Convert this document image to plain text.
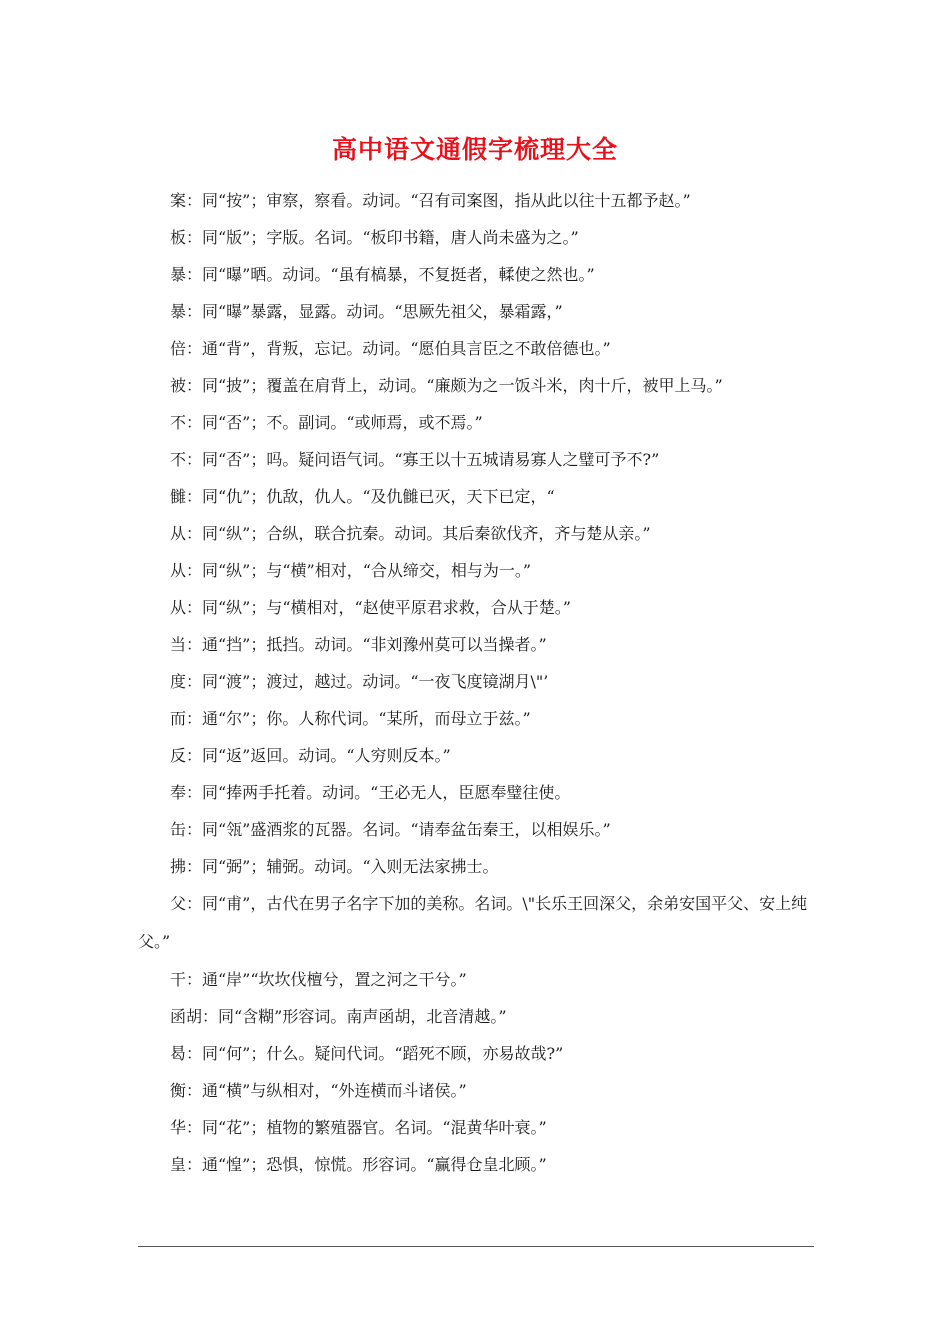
高中语文通假字梳理大全
案：同“按”；审察，察看。动词。“召有司案图，指从此以往十五都予赵。”
板：同“版”；字版。名词。“板印书籍，唐人尚未盛为之。”
暴：同“曝”晒。动词。“虽有槁暴，不复挺者，輮使之然也。”
暴：同“曝”暴露，显露。动词。“思厥先祖父，暴霜露，”
倍：通“背”，背叛，忘记。动词。“愿伯具言臣之不敢倍德也。”
被：同“披”；覆盖在肩背上，动词。“廉颇为之一饭斗米，肉十斤，被甲上马。”
不：同“否”；不。副词。“或师焉，或不焉。”
不：同“否”；吗。疑问语气词。“寡王以十五城请易寡人之璧可予不?”
雠：同“仇”；仇敌，仇人。“及仇雠已灭，天下已定，“
从：同“纵”；合纵，联合抗秦。动词。其后秦欲伐齐，齐与楚从亲。”
从：同“纵”；与“横”相对，“合从缔交，相与为一。”
从：同“纵”；与“横相对，“赵使平原君求救，合从于楚。”
当：通“挡”；抵挡。动词。“非刘豫州莫可以当操者。”
度：同“渡”；渡过，越过。动词。“一夜飞度镜湖月\"’
而：通“尔”；你。人称代词。“某所，而母立于兹。”
反：同“返”返回。动词。“人穷则反本。”
奉：同“捧两手托着。动词。“王必无人，臣愿奉璧往使。
缶：同“瓴”盛酒浆的瓦器。名词。“请奉盆缶秦王，以相娱乐。”
拂：同“弼”；辅弼。动词。“入则无法家拂士。
父：同“甫”，古代在男子名字下加的美称。名词。\"长乐王回深父，余弟安国平父、安上纯父。”
干：通“岸”“坎坎伐檀兮，置之河之干兮。”
函胡：同“含糊”形容词。南声函胡，北音清越。”
曷：同“何”；什么。疑问代词。“蹈死不顾，亦易故哉?”
衡：通“横”与纵相对，“外连横而斗诸侯。”
华：同“花”；植物的繁殖器官。名词。“混黄华叶衰。”
皇：通“惶”；恐惧，惊慌。形容词。“赢得仓皇北顾。”
